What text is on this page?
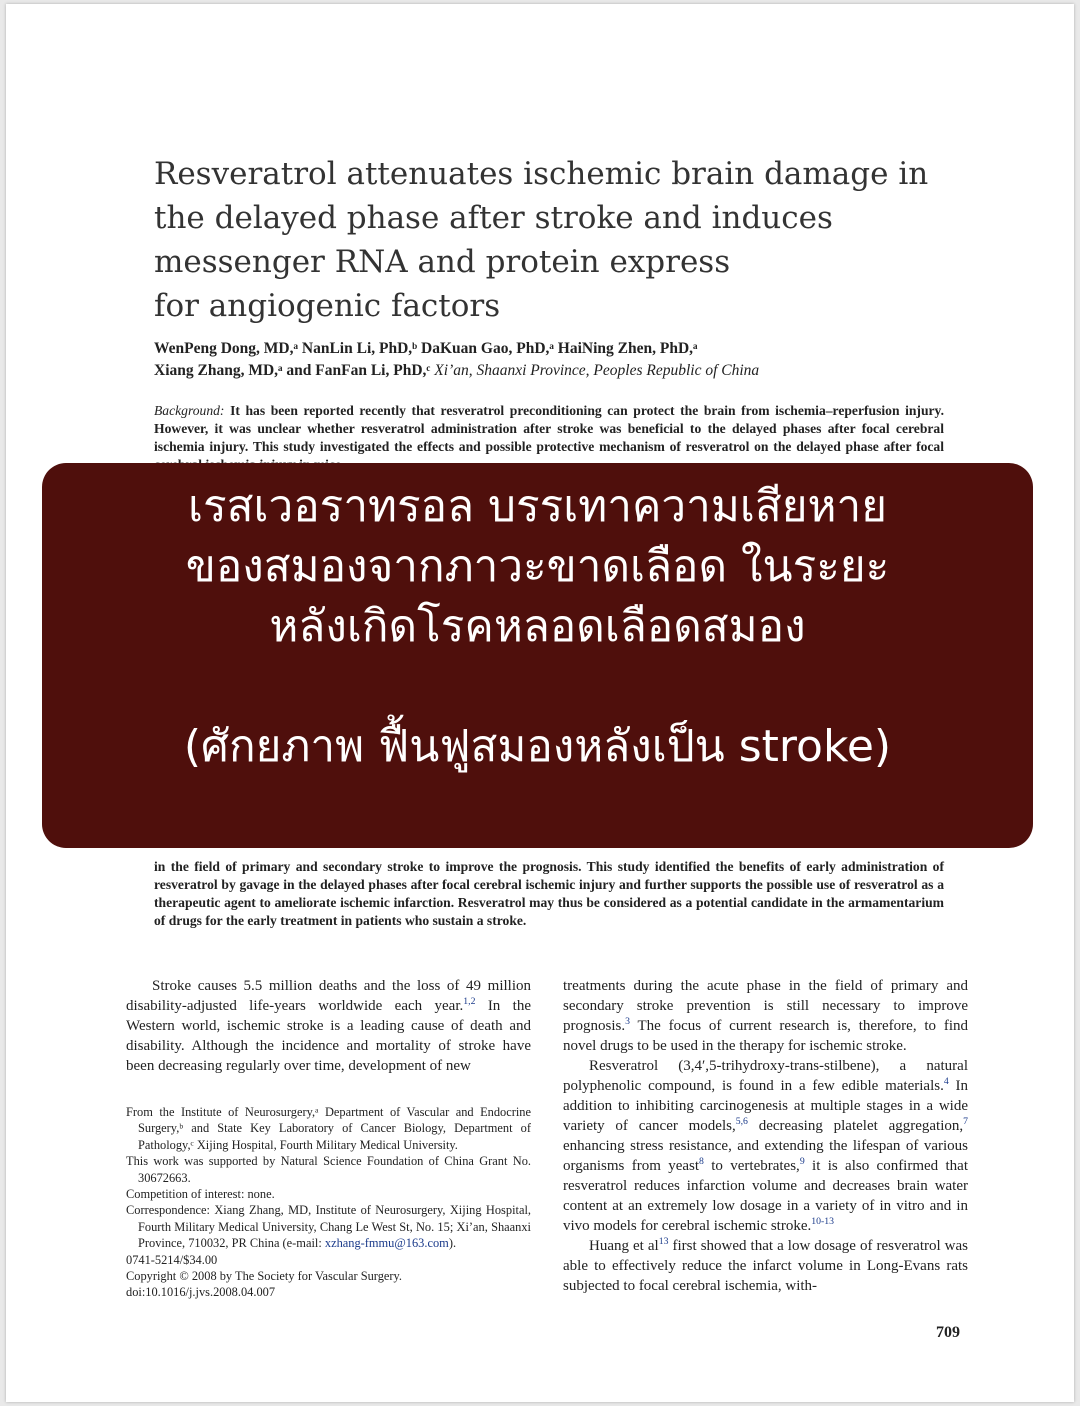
Resveratrol attenuates ischemic brain damage in
the delayed phase after stroke and induces
messenger RNA and protein express
for angiogenic factors
WenPeng Dong, MD,ᵃ NanLin Li, PhD,ᵇ DaKuan Gao, PhD,ᵃ HaiNing Zhen, PhD,ᵃ
Xiang Zhang, MD,ᵃ and FanFan Li, PhD,ᶜ Xi’an, Shaanxi Province, Peoples Republic of China
Background: It has been reported recently that resveratrol preconditioning can protect the brain from ischemia–reperfusion injury. However, it was unclear whether resveratrol administration after stroke was beneficial to the delayed phases after focal cerebral ischemia injury. This study investigated the effects and possible protective mechanism of resveratrol on the delayed phase after focal
in the field of primary and secondary stroke to improve the prognosis. This study identified the benefits of early administration of resveratrol by gavage in the delayed phases after focal cerebral ischemic injury and further supports the possible use of resveratrol as a therapeutic agent to ameliorate ischemic infarction. Resveratrol may thus be considered as a potential candidate in the armamentarium of drugs for the early treatment in patients who sustain a stroke.

Stroke causes 5.5 million deaths and the loss of 49 million disability-adjusted life-years worldwide each year.$^{1,2}$ In the Western world, ischemic stroke is a leading cause of death and disability. Although the incidence and mortality of stroke have been decreasing regularly over time, development of new

treatments during the acute phase in the field of primary and secondary stroke prevention is still necessary to improve prognosis.$^3$ The focus of current research is, therefore, to find novel drugs to be used in the therapy for ischemic stroke.

Resveratrol (3,4′,5-trihydroxy-trans-stilbene), a natural polyphenolic compound, is found in a few edible materials.$^4$ In addition to inhibiting carcinogenesis at multiple stages in a wide variety of cancer models,$^{5,6}$ decreasing platelet aggregation,$^7$ enhancing stress resistance, and extending the lifespan of various organisms from yeast$^8$ to vertebrates,$^9$ it is also confirmed that resveratrol reduces infarction volume and decreases brain water content at an extremely low dosage in a variety of in vitro and in vivo models for cerebral ischemic stroke.$^{10-13}$

Huang et al$^{13}$ first showed that a low dosage of resveratrol was able to effectively reduce the infarct volume in Long-Evans rats subjected to focal cerebral ischemia, with-

From the Institute of Neurosurgery,ᵃ Department of Vascular and Endocrine Surgery,ᵇ and State Key Laboratory of Cancer Biology, Department of Pathology,ᶜ Xijing Hospital, Fourth Military Medical University.
This work was supported by Natural Science Foundation of China Grant No. 30672663.
Competition of interest: none.
Correspondence: Xiang Zhang, MD, Institute of Neurosurgery, Xijing Hospital, Fourth Military Medical University, Chang Le West St, No. 15; Xi’an, Shaanxi Province, 710032, PR China (e-mail: xzhang-fmmu@163.com).
0741-5214/$34.00
Copyright © 2008 by The Society for Vascular Surgery.
doi:10.1016/j.jvs.2008.04.007
709
เรสเวอราทรอล บรรเทาความเสียหาย
ของสมองจากภาวะขาดเลือด ในระยะ
หลังเกิดโรคหลอดเลือดสมอง
(ศักยภาพ ฟื้นฟูสมองหลังเป็น stroke)
